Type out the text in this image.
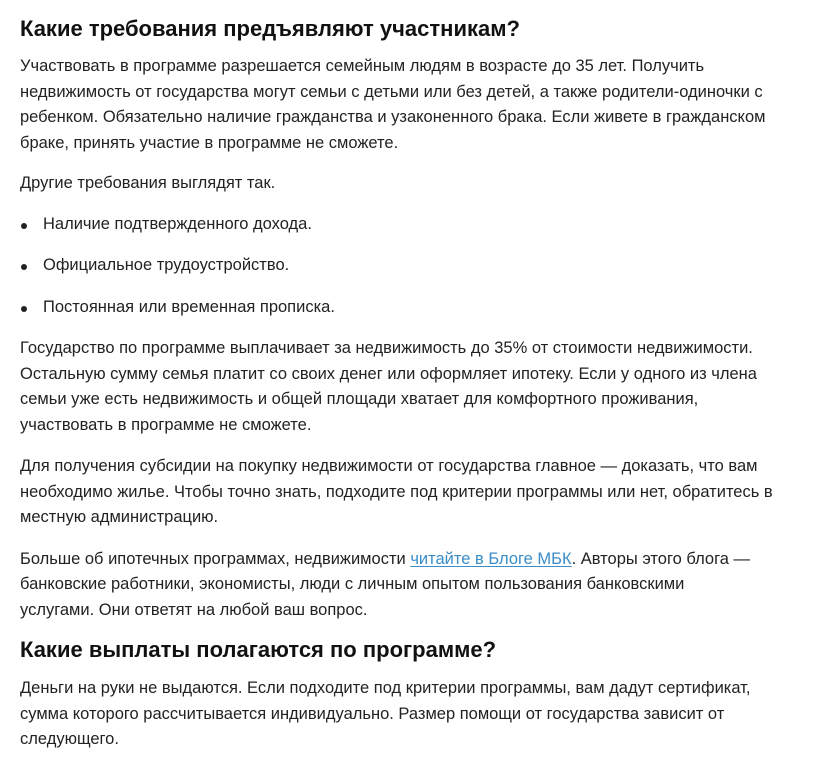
Какие требования предъявляют участникам?

Участвовать в программе разрешается семейным людям в возрасте до 35 лет. Получить
недвижимость от государства могут семьи с детьми или без детей, а также родители-одиночки с
ребенком. Обязательно наличие гражданства и узаконенного брака. Если живете в гражданском
браке, принять участие в программе не сможете.

Другие требования выглядят так.

Наличие подтвержденного дохода.
Официальное трудоустройство.
Постоянная или временная прописка.

Государство по программе выплачивает за недвижимость до 35% от стоимости недвижимости.
Остальную сумму семья платит со своих денег или оформляет ипотеку. Если у одного из члена
семьи уже есть недвижимость и общей площади хватает для комфортного проживания,
участвовать в программе не сможете.

Для получения субсидии на покупку недвижимости от государства главное — доказать, что вам
необходимо жилье. Чтобы точно знать, подходите под критерии программы или нет, обратитесь в
местную администрацию.

Больше об ипотечных программах, недвижимости читайте в Блоге МБК. Авторы этого блога —
банковские работники, экономисты, люди с личным опытом пользования банковскими
услугами. Они ответят на любой ваш вопрос.

Какие выплаты полагаются по программе?

Деньги на руки не выдаются. Если подходите под критерии программы, вам дадут сертификат,
сумма которого рассчитывается индивидуально. Размер помощи от государства зависит от
следующего.
